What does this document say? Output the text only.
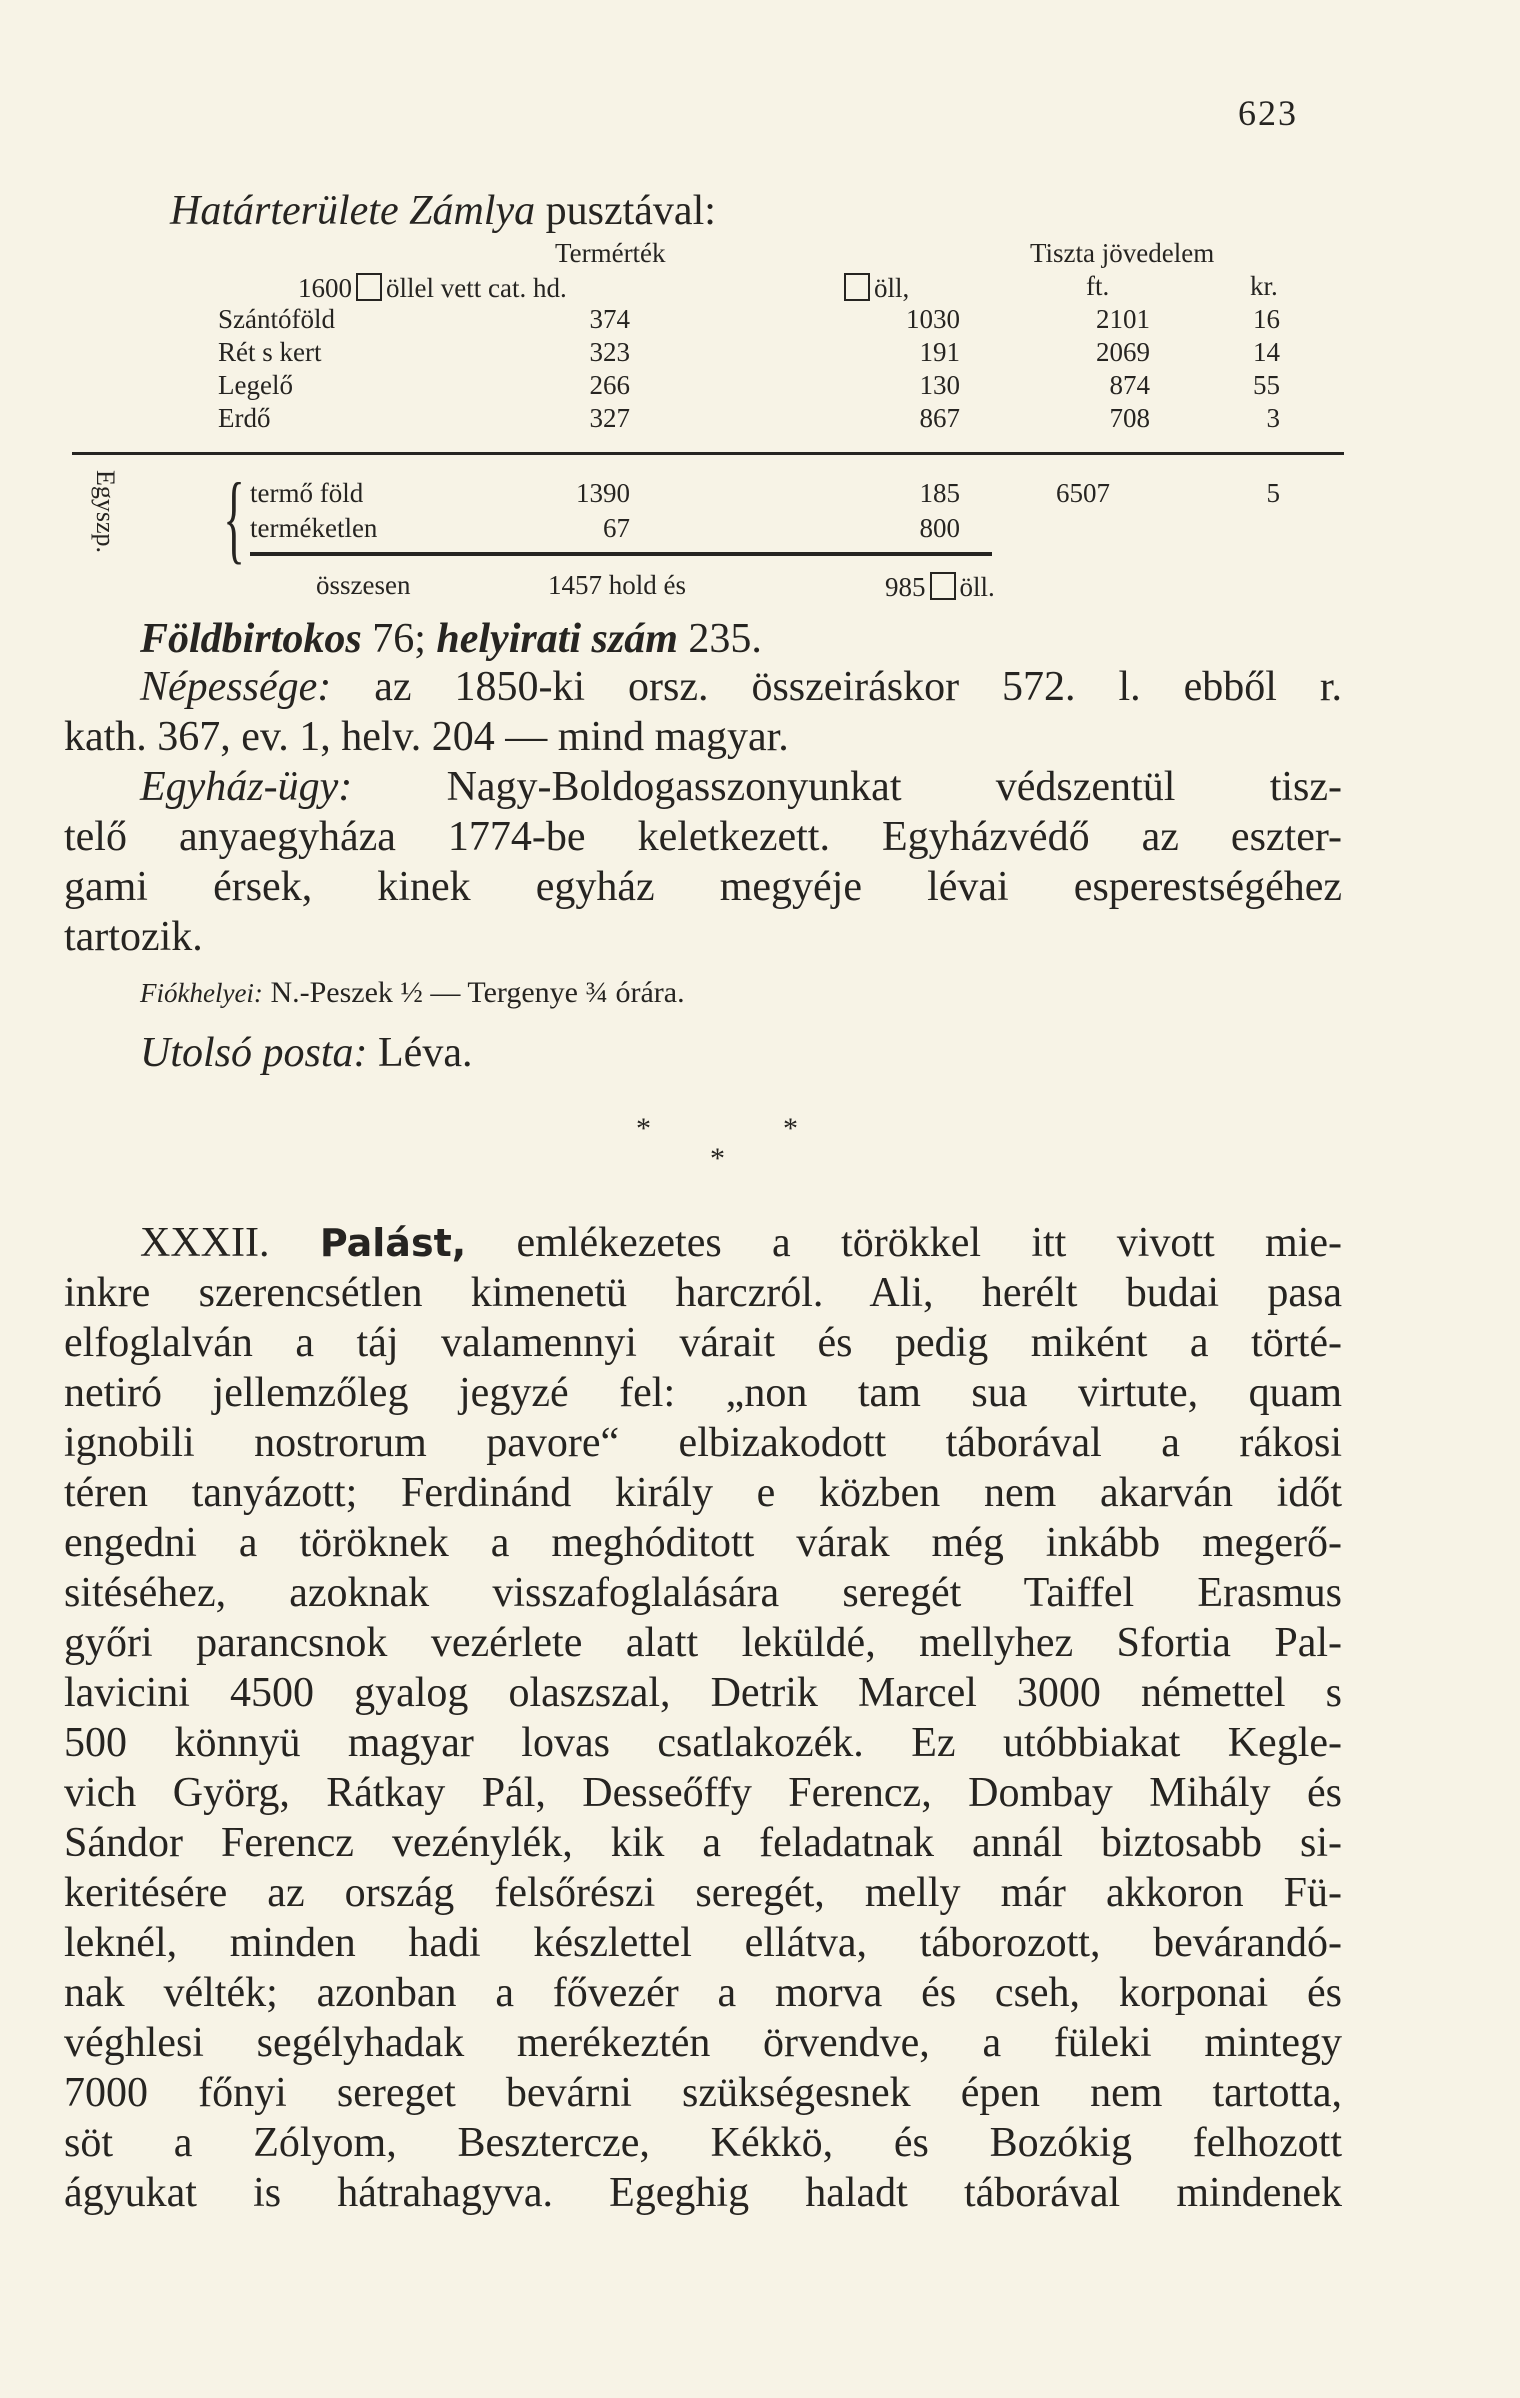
623
Határterülete Zámlya pusztával:
Termérték	Tiszta jövedelem
1600 öllel vett cat. hd.	öll,	ft.	kr.
Szántóföld	374	1030	2101	16
Rét s kert	323	191	2069	14
Legelő	266	130	874	55
Erdő	327	867	708	3
Egyszp. { termő föld	1390	185	6507	5
terméketlen	67	800
összesen	1457 hold és	985 öll.
Földbirtokos 76; helyirati szám 235.
Népessége: az 1850-ki orsz. összeiráskor 572. l. ebből r.
kath. 367, ev. 1, helv. 204 — mind magyar.
Egyház-ügy: Nagy-Boldogasszonyunkat védszentül tisz-
telő anyaegyháza 1774-be keletkezett. Egyházvédő az eszter-
gami érsek, kinek egyház megyéje lévai esperestségéhez
tartozik.
Fiókhelyei: N.-Peszek ½ — Tergenye ¾ órára.
Utolsó posta: Léva.
*	*
*
XXXII. Palást, emlékezetes a törökkel itt vivott mie-
inkre szerencsétlen kimenetü harczról. Ali, herélt budai pasa
elfoglalván a táj valamennyi várait és pedig miként a törté-
netiró jellemzőleg jegyzé fel: „non tam sua virtute, quam
ignobili nostrorum pavore“ elbizakodott táborával a rákosi
téren tanyázott; Ferdinánd király e közben nem akarván időt
engedni a töröknek a meghóditott várak még inkább megerő-
sitéséhez, azoknak visszafoglalására seregét Taiffel Erasmus
győri parancsnok vezérlete alatt leküldé, mellyhez Sfortia Pal-
lavicini 4500 gyalog olaszszal, Detrik Marcel 3000 némettel s
500 könnyü magyar lovas csatlakozék. Ez utóbbiakat Kegle-
vich Györg, Rátkay Pál, Desseőffy Ferencz, Dombay Mihály és
Sándor Ferencz vezénylék, kik a feladatnak annál biztosabb si-
keritésére az ország felsőrészi seregét, melly már akkoron Fü-
leknél, minden hadi készlettel ellátva, táborozott, bevárandó-
nak vélték; azonban a fővezér a morva és cseh, korponai és
véghlesi segélyhadak merékeztén örvendve, a füleki mintegy
7000 főnyi sereget bevárni szükségesnek épen nem tartotta,
söt a Zólyom, Besztercze, Kékkö, és Bozókig felhozott
ágyukat is hátrahagyva. Egeghig haladt táborával mindenek
